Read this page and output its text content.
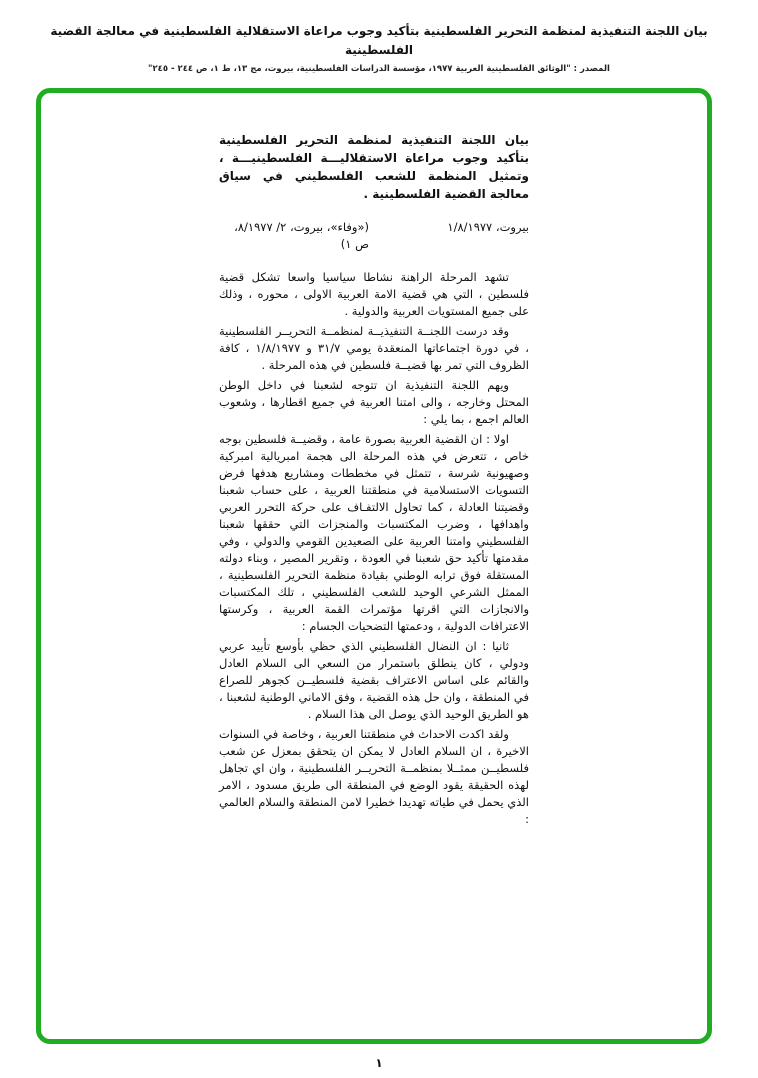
بيان اللجنة التنفيذية لمنظمة التحرير الفلسطينية بتأكيد وجوب مراعاة الاستقلالية الفلسطينية في معالجة القضية الفلسطينية
المصدر : "الوثائق الفلسطينية العربية ١٩٧٧، مؤسسة الدراسات الفلسطينية، بيروت، مج ١٣، ط ١، ص ٢٤٤ - ٢٤٥"

بيان اللجنة التنفيذية لمنظمة التحرير الفلسطينية بتأكيد وجوب مراعاة الاستقلاليـــة الفلسطينيـــة ، وتمثيل المنظمة للشعب الفلسطيني في سياق معالجة القضية الفلسطينية .

بيروت، ١/٨/١٩٧٧
(«وفاء»، بيروت، ٢/ ٨/١٩٧٧، ص ١)

تشهد المرحلة الراهنة نشاطا سياسيا واسعا تشكل قضية فلسطين ، التي هي قضية الامة العربية الاولى ، محوره ، وذلك على جميع المستويات العربية والدولية .

وقد درست اللجنــة التنفيذيــة لمنظمــة التحريــر الفلسطينية ، في دورة اجتماعاتها المنعقدة يومي ٣١/٧ و ١/٨/١٩٧٧ ، كافة الظروف التي تمر بها قضيــة فلسطين في هذه المرحلة .

ويهم اللجنة التنفيذية ان تتوجه لشعبنا في داخل الوطن المحتل وخارجه ، والى امتنا العربية في جميع اقطارها ، وشعوب العالم اجمع ، بما يلي :

اولا : ان القضية العربية بصورة عامة ، وقضيــة فلسطين بوجه خاص ، تتعرض في هذه المرحلة الى هجمة امبريالية امبركية وصهيونية شرسة ، تتمثل في مخططات ومشاريع هدفها فرض التسويات الاستسلامية في منطقتنا العربية ، على حساب شعبنا وقضيتنا العادلة ، كما تحاول الالتفـاف على حركة التحرر العربي واهدافها ، وضرب المكتسبات والمنجزات التي حققها شعبنا الفلسطيني وامتنا العربية على الصعيدين القومي والدولي ، وفي مقدمتها تأكيد حق شعبنا في العودة ، وتقرير المصير ، وبناء دولته المستقلة فوق ترابه الوطني بقيادة منظمة التحرير الفلسطينية ، الممثل الشرعي الوحيد للشعب الفلسطيني ، تلك المكتسبات والانجازات التي اقرتها مؤتمرات القمة العربية ، وكرستها الاعترافات الدولية ، ودعمتها التضحيات الجسام :

ثانيا : ان النضال الفلسطيني الذي حظي بأوسع تأييد عربي ودولي ، كان ينطلق باستمرار من السعي الى السلام العادل والقائم على اساس الاعتراف بقضية فلسطيــن كجوهر للصراع في المنطقة ، وان حل هذه القضية ، وفق الاماني الوطنية لشعبنا ، هو الطريق الوحيد الذي يوصل الى هذا السلام .

ولقد اكدت الاحداث في منطقتنا العربية ، وخاصة في السنوات الاخيرة ، ان السلام العادل لا يمكن ان يتحقق بمعزل عن شعب فلسطيــن ممثــلا بمنظمــة التحريــر الفلسطينية ، وان اي تجاهل لهذه الحقيقة يقود الوضع في المنطقة الى طريق مسدود ، الامر الذي يحمل في طياته تهديدا خطيرا لامن المنطقة والسلام العالمي :

١
